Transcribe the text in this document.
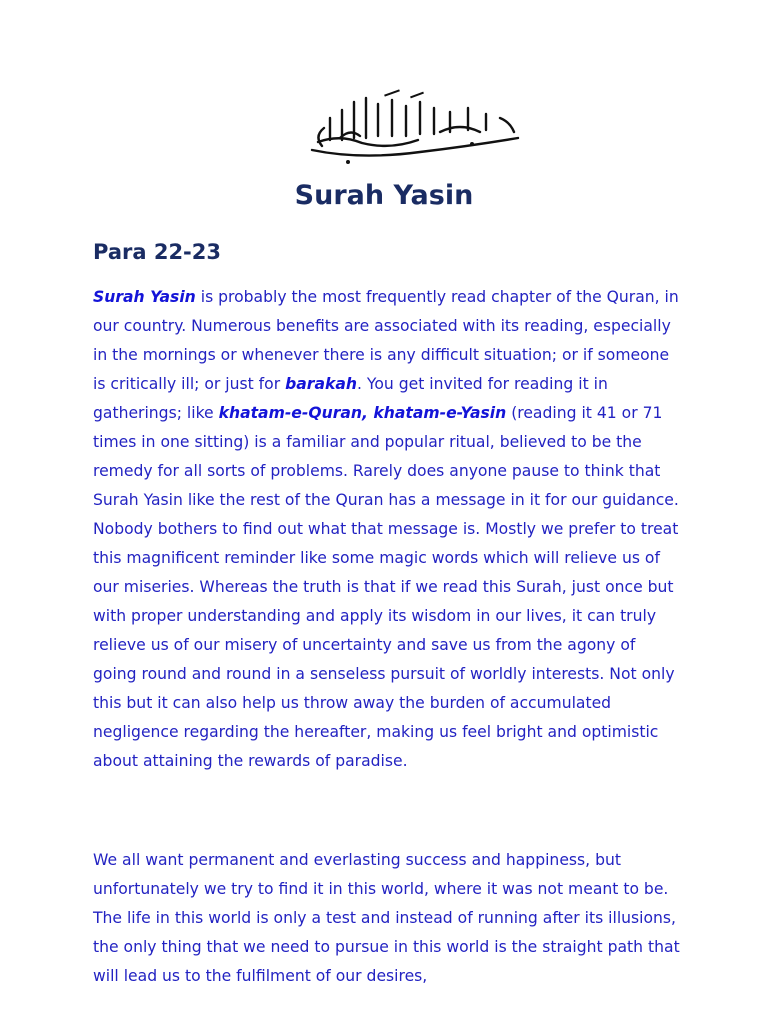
Surah Yasin
Para 22-23

Surah Yasin is probably the most frequently read chapter of the Quran, in our country. Numerous benefits are associated with its reading, especially in the mornings or whenever there is any difficult situation; or if someone is critically ill; or just for barakah. You get invited for reading it in gatherings; like khatam-e-Quran, khatam-e-Yasin (reading it 41 or 71 times in one sitting) is a familiar and popular ritual, believed to be the remedy for all sorts of problems. Rarely does anyone pause to think that Surah Yasin like the rest of the Quran has a message in it for our guidance. Nobody bothers to find out what that message is. Mostly we prefer to treat this magnificent reminder like some magic words which will relieve us of our miseries. Whereas the truth is that if we read this Surah, just once but with proper understanding and apply its wisdom in our lives, it can truly relieve us of our misery of uncertainty and save us from the agony of going round and round in a senseless pursuit of worldly interests. Not only this but it can also help us throw away the burden of accumulated negligence regarding the hereafter, making us feel bright and optimistic about attaining the rewards of paradise.

We all want permanent and everlasting success and happiness, but unfortunately we try to find it in this world, where it was not meant to be. The life in this world is only a test and instead of running after its illusions, the only thing that we need to pursue in this world is the straight path that will lead us to the fulfilment of our desires,
